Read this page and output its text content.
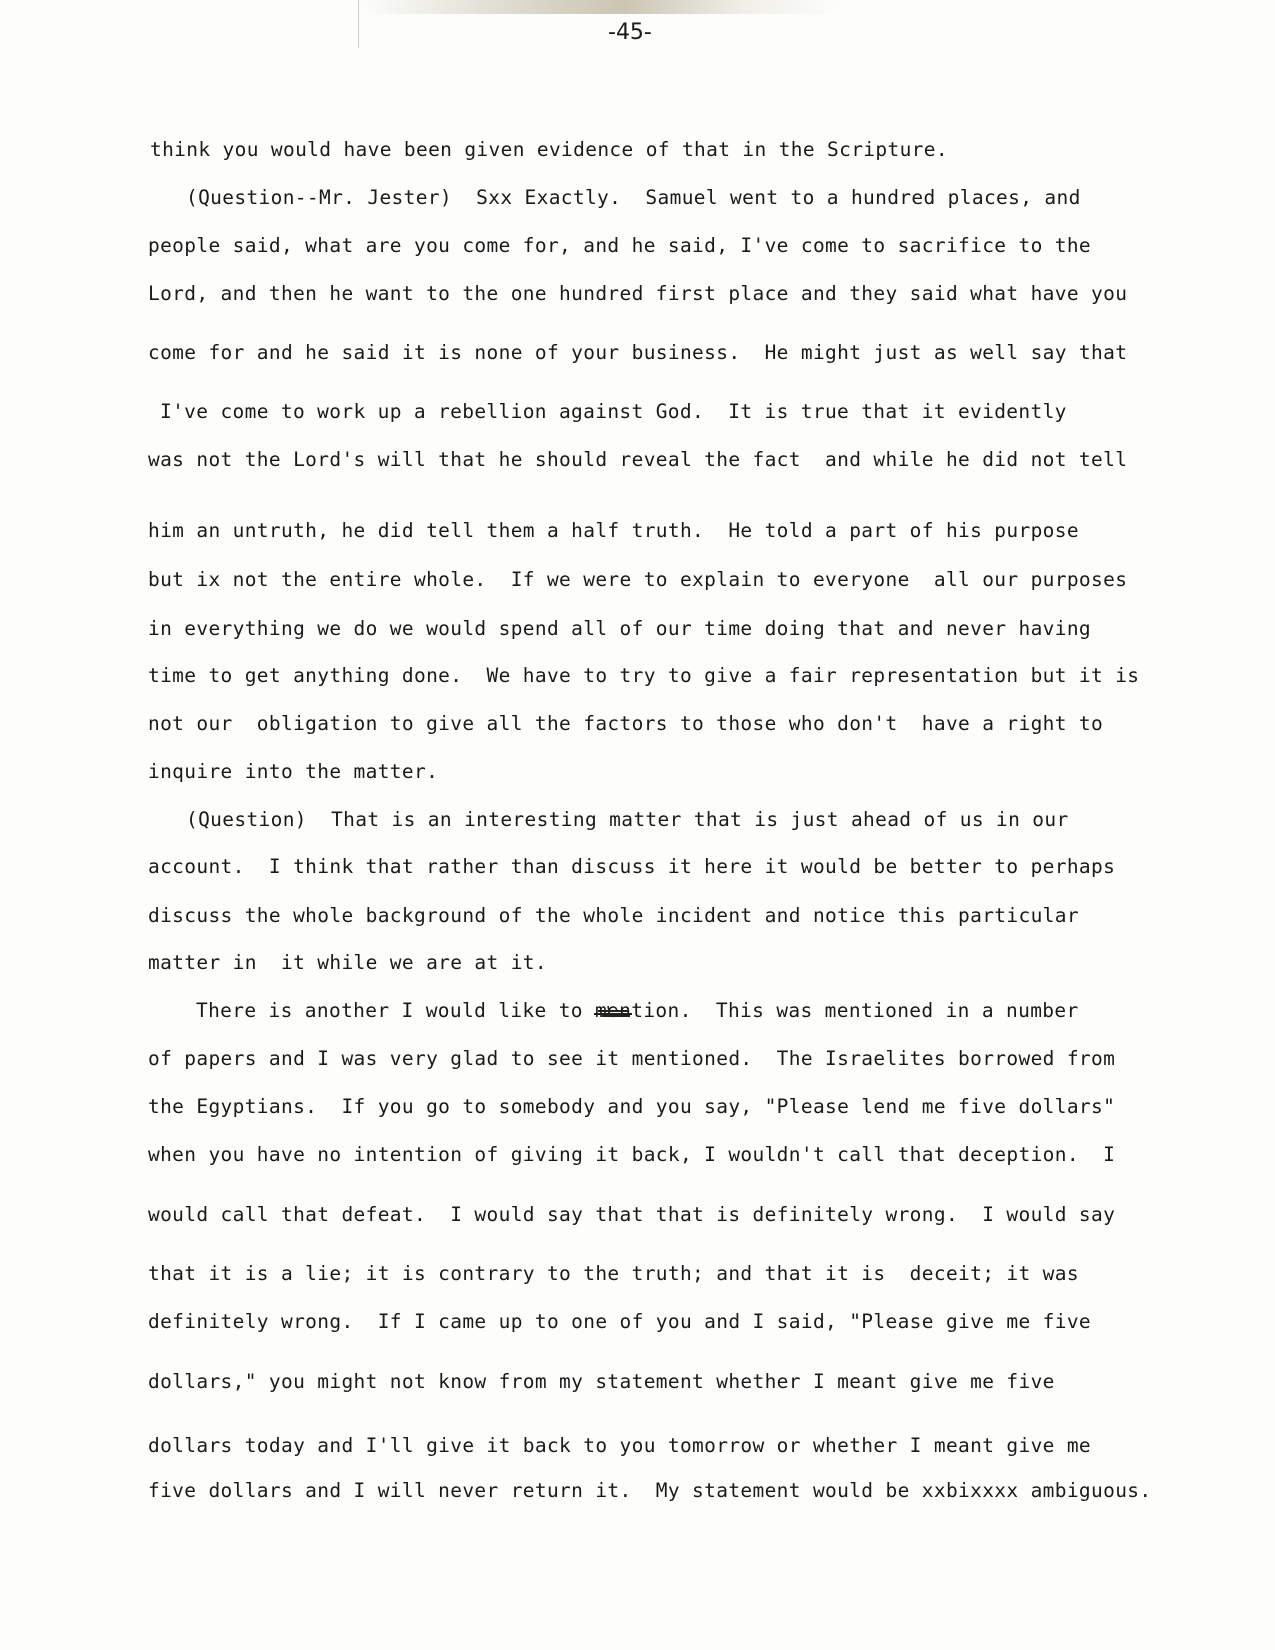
-45-
think you would have been given evidence of that in the Scripture.
(Question--Mr. Jester)  Sxx Exactly.  Samuel went to a hundred places, and
people said, what are you come for, and he said, I've come to sacrifice to the
Lord, and then he want to the one hundred first place and they said what have you
come for and he said it is none of your business.  He might just as well say that
I've come to work up a rebellion against God.  It is true that it evidently
was not the Lord's will that he should reveal the fact  and while he did not tell
him an untruth, he did tell them a half truth.  He told a part of his purpose
but ix not the entire whole.  If we were to explain to everyone  all our purposes
in everything we do we would spend all of our time doing that and never having
time to get anything done.  We have to try to give a fair representation but it is
not our  obligation to give all the factors to those who don't  have a right to
inquire into the matter.
(Question)  That is an interesting matter that is just ahead of us in our
account.  I think that rather than discuss it here it would be better to perhaps
discuss the whole background of the whole incident and notice this particular
matter in  it while we are at it.
There is another I would like to mention.  This was mentioned in a number
of papers and I was very glad to see it mentioned.  The Israelites borrowed from
the Egyptians.  If you go to somebody and you say, "Please lend me five dollars"
when you have no intention of giving it back, I wouldn't call that deception.  I
would call that defeat.  I would say that that is definitely wrong.  I would say
that it is a lie; it is contrary to the truth; and that it is  deceit; it was
definitely wrong.  If I came up to one of you and I said, "Please give me five
dollars," you might not know from my statement whether I meant give me five
dollars today and I'll give it back to you tomorrow or whether I meant give me
five dollars and I will never return it.  My statement would be xxbixxxx ambiguous.
